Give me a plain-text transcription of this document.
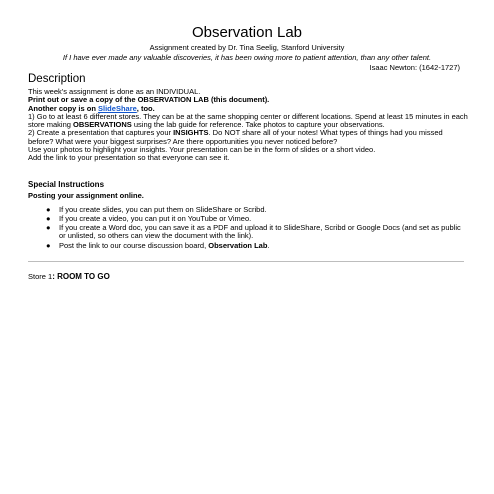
Observation Lab
Assignment created by Dr. Tina Seelig, Stanford University
If I have ever made any valuable discoveries, it has been owing more to patient attention, than any other talent.
Isaac Newton: (1642-1727)
Description

This week's assignment is done as an INDIVIDUAL.

Print out or save a copy of the OBSERVATION LAB (this document).

Another copy is on SlideShare, too.

1) Go to at least 6 different stores. They can be at the same shopping center or different locations. Spend at least 15 minutes in each store making OBSERVATIONS using the lab guide for reference. Take photos to capture your observations.

2) Create a presentation that captures your INSIGHTS. Do NOT share all of your notes! What types of things had you missed before? What were your biggest surprises? Are there opportunities you never noticed before?

Use your photos to highlight your insights. Your presentation can be in the form of slides or a short video.

Add the link to your presentation so that everyone can see it.

Special Instructions
Posting your assignment online.
● If you create slides, you can put them on SlideShare or Scribd.
● If you create a video, you can put it on YouTube or Vimeo.
● If you create a Word doc, you can save it as a PDF and upload it to SlideShare, Scribd or Google Docs (and set as public or unlisted, so others can view the document with the link).
● Post the link to our course discussion board, Observation Lab.
Store 1: ROOM TO GO
